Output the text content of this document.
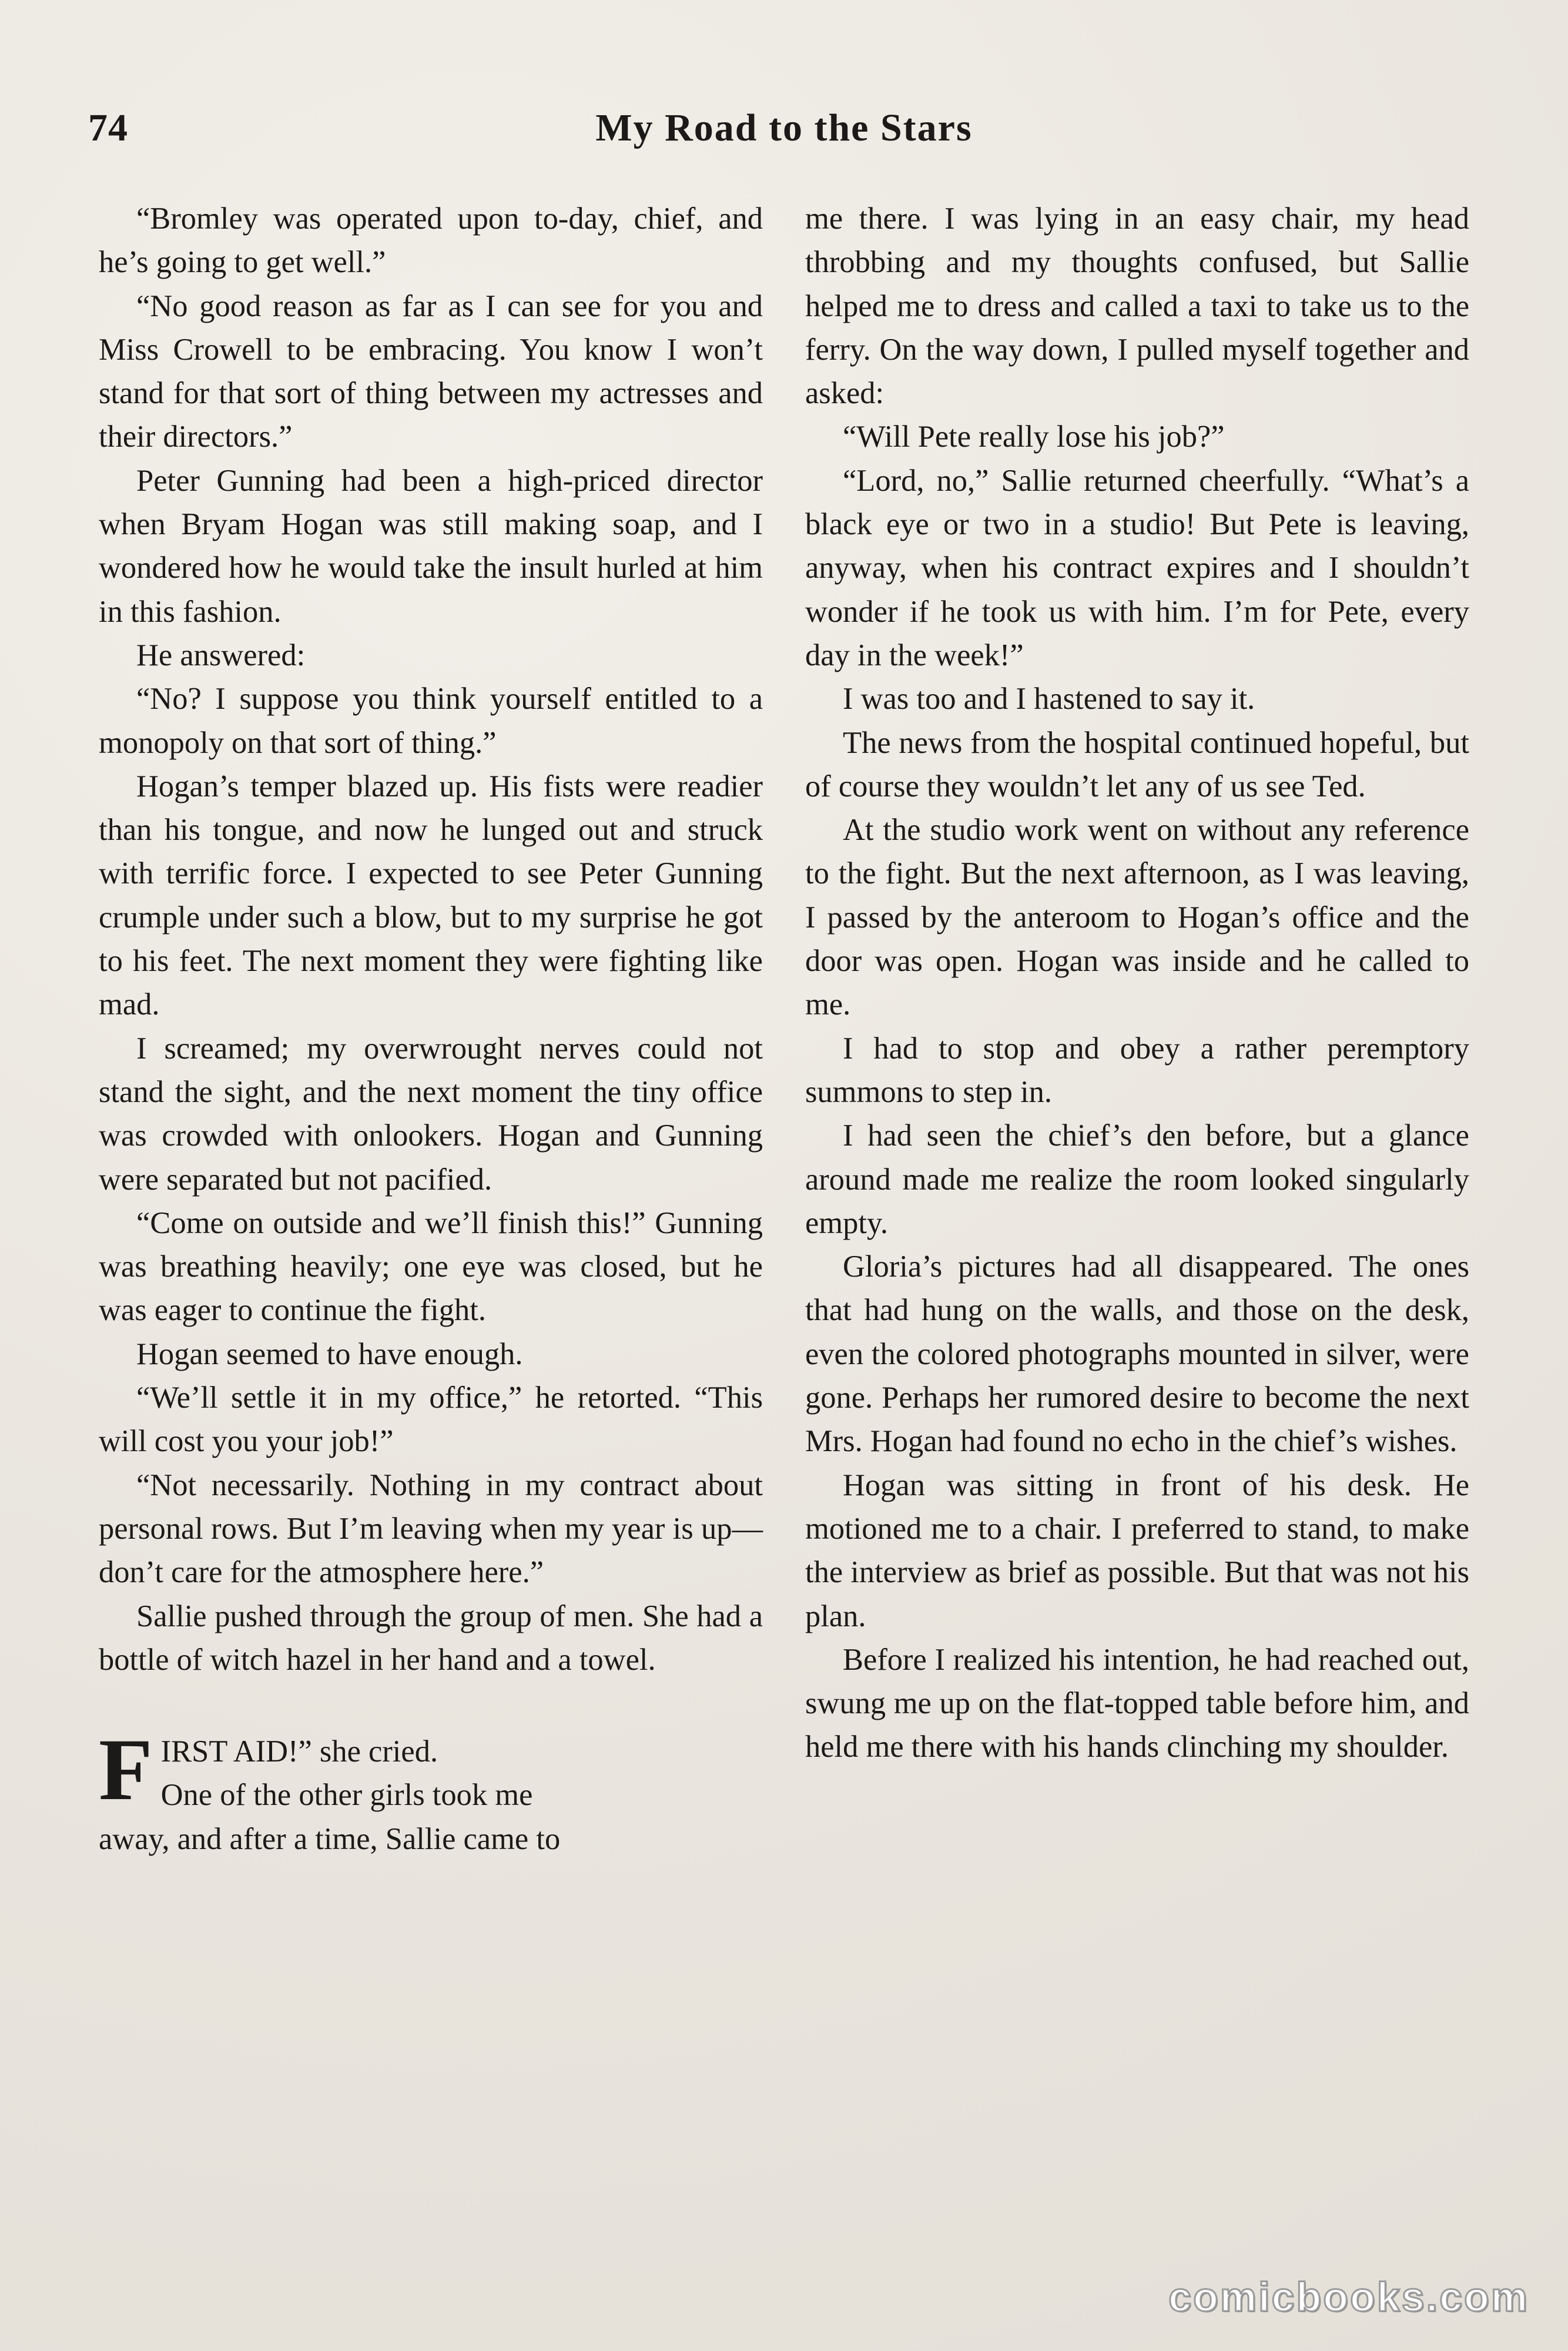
74	My Road to the Stars

“Bromley was operated upon to-day, chief, and he’s going to get well.”

“No good reason as far as I can see for you and Miss Crowell to be embracing. You know I won’t stand for that sort of thing between my actresses and their directors.”

Peter Gunning had been a high-priced director when Bryam Hogan was still making soap, and I wondered how he would take the insult hurled at him in this fashion.

He answered:

“No? I suppose you think yourself entitled to a monopoly on that sort of thing.”

Hogan’s temper blazed up. His fists were readier than his tongue, and now he lunged out and struck with terrific force. I expected to see Peter Gunning crumple under such a blow, but to my surprise he got to his feet. The next moment they were fighting like mad.

I screamed; my overwrought nerves could not stand the sight, and the next moment the tiny office was crowded with onlookers. Hogan and Gunning were separated but not pacified.

“Come on outside and we’ll finish this!” Gunning was breathing heavily; one eye was closed, but he was eager to continue the fight.

Hogan seemed to have enough.

“We’ll settle it in my office,” he retorted. “This will cost you your job!”

“Not necessarily. Nothing in my contract about personal rows. But I’m leaving when my year is up—don’t care for the atmosphere here.”

Sallie pushed through the group of men. She had a bottle of witch hazel in her hand and a towel.

F IRST AID!” she cried.
One of the other girls took me
away, and after a time, Sallie came to

me there. I was lying in an easy chair, my head throbbing and my thoughts confused, but Sallie helped me to dress and called a taxi to take us to the ferry. On the way down, I pulled myself together and asked:

“Will Pete really lose his job?”

“Lord, no,” Sallie returned cheerfully. “What’s a black eye or two in a studio! But Pete is leaving, anyway, when his contract expires and I shouldn’t wonder if he took us with him. I’m for Pete, every day in the week!”

I was too and I hastened to say it.

The news from the hospital continued hopeful, but of course they wouldn’t let any of us see Ted.

At the studio work went on without any reference to the fight. But the next afternoon, as I was leaving, I passed by the anteroom to Hogan’s office and the door was open. Hogan was inside and he called to me.

I had to stop and obey a rather peremptory summons to step in.

I had seen the chief’s den before, but a glance around made me realize the room looked singularly empty.

Gloria’s pictures had all disappeared. The ones that had hung on the walls, and those on the desk, even the colored photographs mounted in silver, were gone. Perhaps her rumored desire to become the next Mrs. Hogan had found no echo in the chief’s wishes.

Hogan was sitting in front of his desk. He motioned me to a chair. I preferred to stand, to make the interview as brief as possible. But that was not his plan.

Before I realized his intention, he had reached out, swung me up on the flat-topped table before him, and held me there with his hands clinching my shoulder.

comicbooks.com
